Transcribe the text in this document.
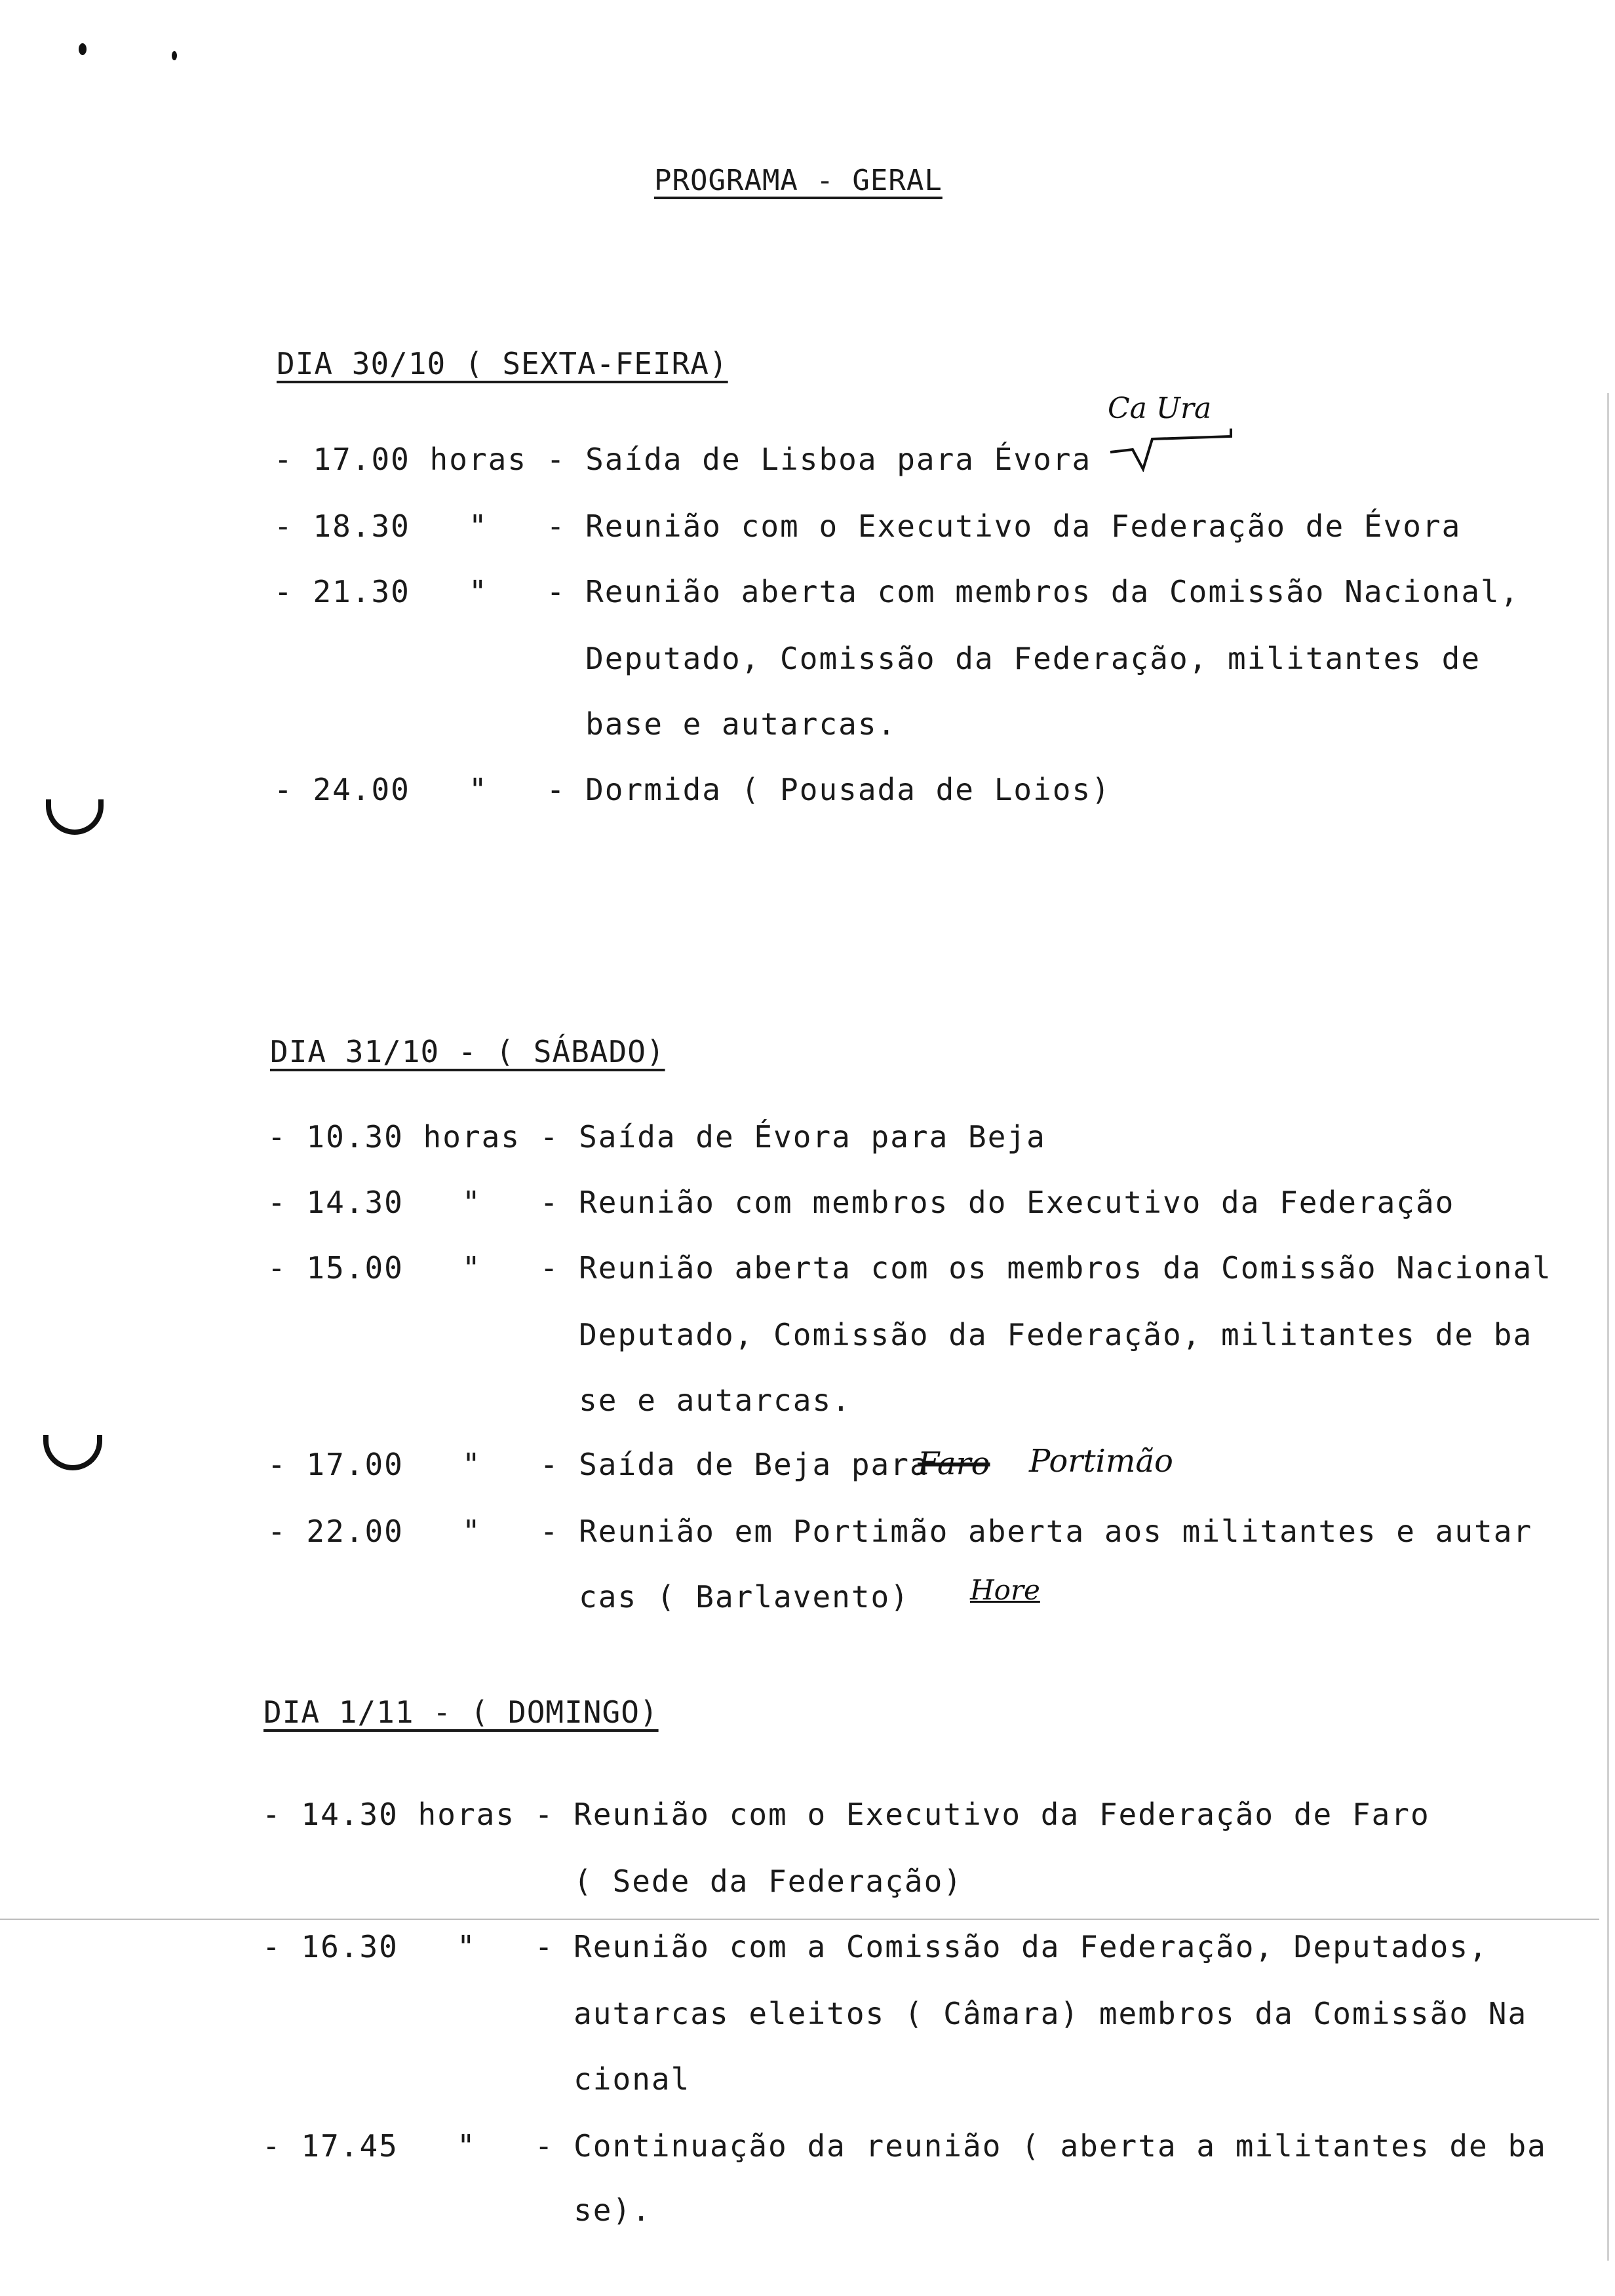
PROGRAMA - GERAL
DIA 30/10 ( SEXTA-FEIRA)
- 17.00 horas - Saída de Lisboa para Évora
- 18.30   "   - Reunião com o Executivo da Federação de Évora
- 21.30   "   - Reunião aberta com membros da Comissão Nacional,
Deputado, Comissão da Federação, militantes de
base e autarcas.
- 24.00   "   - Dormida ( Pousada de Loios)
Ca Ura
DIA 31/10 - ( SÁBADO)
- 10.30 horas - Saída de Évora para Beja
- 14.30   "   - Reunião com membros do Executivo da Federação
- 15.00   "   - Reunião aberta com os membros da Comissão Nacional
Deputado, Comissão da Federação, militantes de ba
se e autarcas.
- 17.00   "   - Saída de Beja para
Faro Portimão
- 22.00   "   - Reunião em Portimão aberta aos militantes e autar
cas ( Barlavento) Hore
DIA 1/11 - ( DOMINGO)
- 14.30 horas - Reunião com o Executivo da Federação de Faro
( Sede da Federação)
- 16.30   "   - Reunião com a Comissão da Federação, Deputados,
autarcas eleitos ( Câmara) membros da Comissão Na
cional
- 17.45   "   - Continuação da reunião ( aberta a militantes de ba
se).
